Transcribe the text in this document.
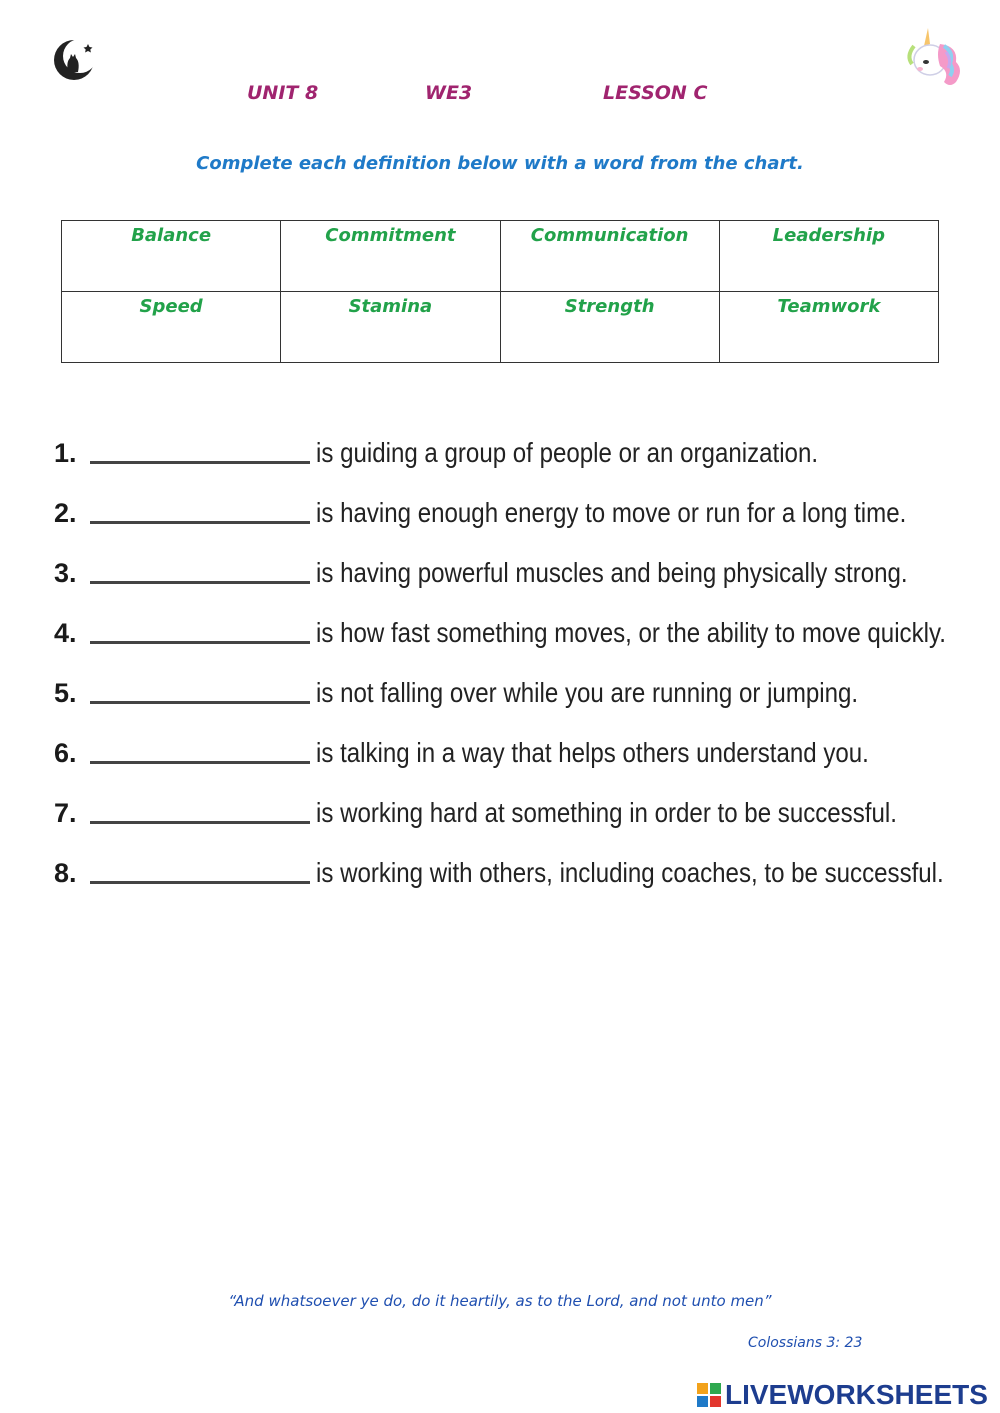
UNIT 8	WE3	LESSON C
Complete each definition below with a word from the chart.
Balance	Commitment	Communication	Leadership
Speed	Stamina	Strength	Teamwork
1.	is guiding a group of people or an organization.
2.	is having enough energy to move or run for a long time.
3.	is having powerful muscles and being physically strong.
4.	is how fast something moves, or the ability to move quickly.
5.	is not falling over while you are running or jumping.
6.	is talking in a way that helps others understand you.
7.	is working hard at something in order to be successful.
8.	is working with others, including coaches, to be successful.
“And whatsoever ye do, do it heartily, as to the Lord, and not unto men”
Colossians 3: 23
LIVEWORKSHEETS
